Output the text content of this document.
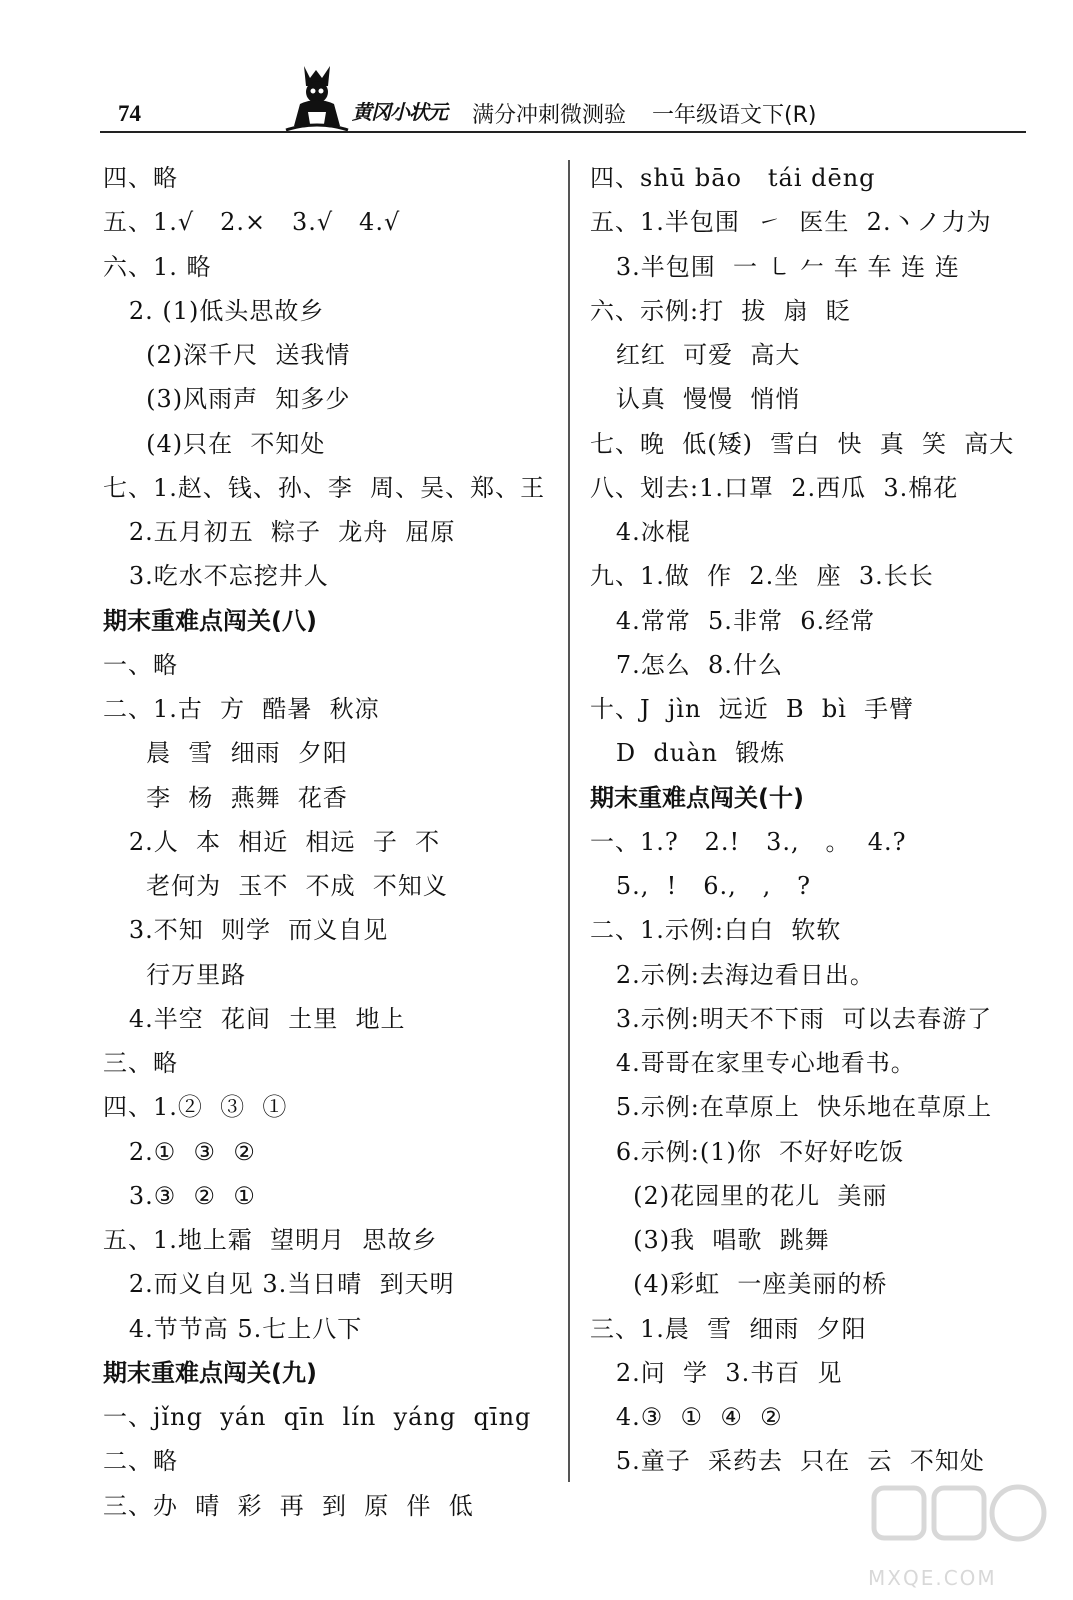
74	黄冈小状元 满分冲刺微测验 一年级语文下(R)
四、略
五、1.√   2.×   3.√   4.√
六、1. 略
2. (1)低头思故乡
(2)深千尺  送我情
(3)风雨声  知多少
(4)只在  不知处
七、1.赵、钱、孙、李  周、吴、郑、王
2.五月初五  粽子  龙舟  屈原
3.吃水不忘挖井人
期末重难点闯关(八)
一、略
二、1.古  方  酷暑  秋凉
晨  雪  细雨  夕阳
李  杨  燕舞  花香
2.人  本  相近  相远  子  不
老何为  玉不  不成  不知义
3.不知  则学  而义自见
行万里路
4.半空  花间  土里  地上
三、略
四、1.②  ③  ①
2.①  ③  ②
3.③  ②  ①
五、1.地上霜  望明月  思故乡
2.而义自见 3.当日晴  到天明
4.节节高 5.七上八下
期末重难点闯关(九)
一、jǐng  yán  qīn  lín  yáng  qīng
二、略
三、办  晴  彩  再  到  原  伴  低
四、shū bāo   tái dēng
五、1.半包围  ㇀  医生  2.丶ノ力为
3.半包围  一 ㇄ 𠂉 车 车 连 连
六、示例:打  拔  扇  眨
红红  可爱  高大
认真  慢慢  悄悄
七、晚  低(矮)  雪白  快  真  笑  高大
八、划去:1.口罩  2.西瓜  3.棉花
4.冰棍
九、1.做  作  2.坐  座  3.长长
4.常常  5.非常  6.经常
7.怎么  8.什么
十、J  jìn  远近  B  bì  手臂
D  duàn  锻炼
期末重难点闯关(十)
一、1.?   2.!   3.,   。  4.?
5.,  !   6.,   ,   ?
二、1.示例:白白  软软
2.示例:去海边看日出。
3.示例:明天不下雨  可以去春游了
4.哥哥在家里专心地看书。
5.示例:在草原上  快乐地在草原上
6.示例:(1)你  不好好吃饭
(2)花园里的花儿  美丽
(3)我  唱歌  跳舞
(4)彩虹  一座美丽的桥
三、1.晨  雪  细雨  夕阳
2.问  学  3.书百  见
4.③  ①  ④  ②
5.童子  采药去  只在  云  不知处
MXQE.COM
